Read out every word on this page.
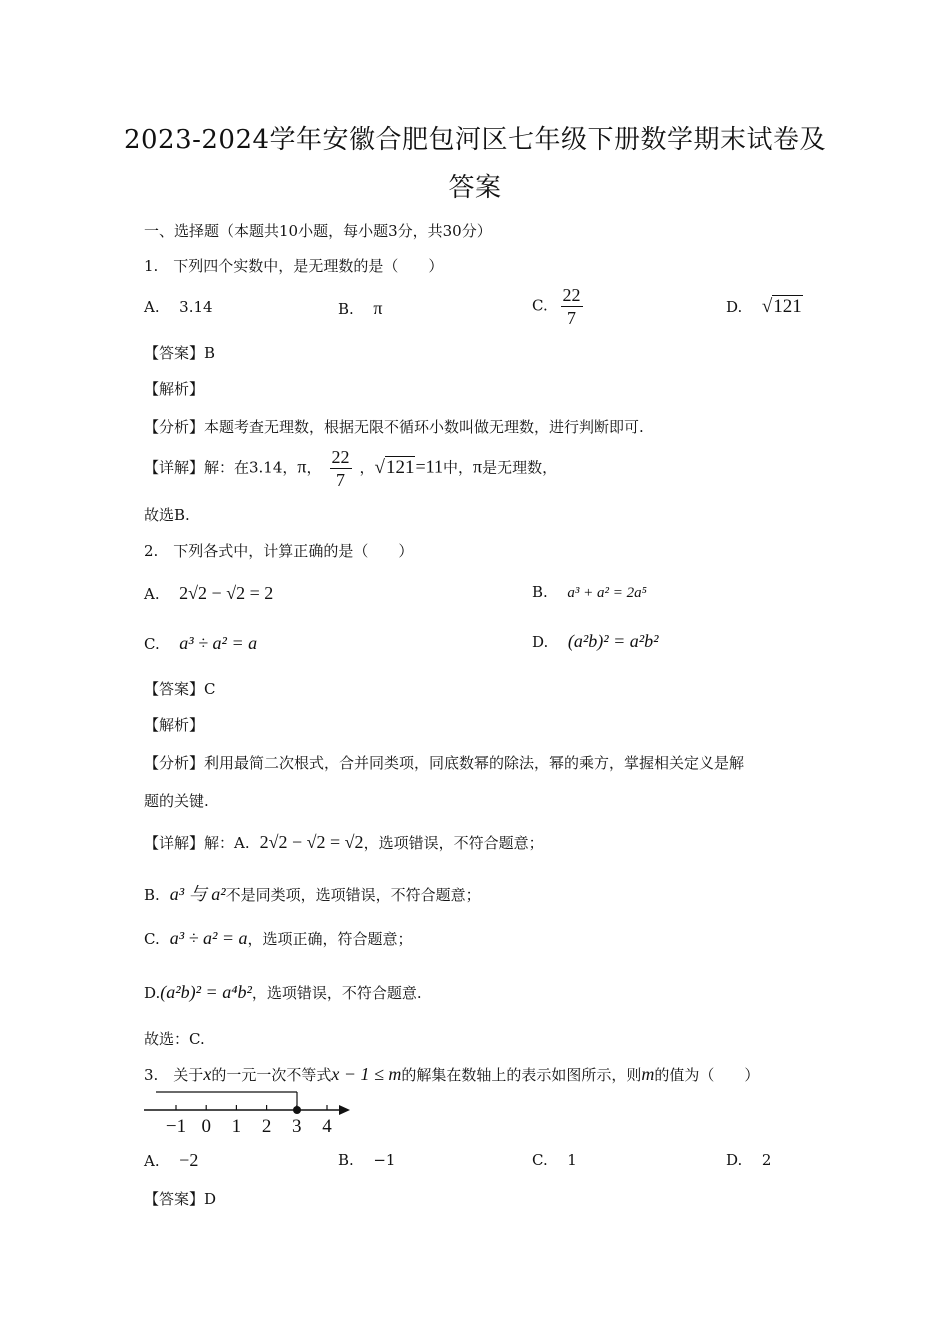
2023-2024学年安徽合肥包河区七年级下册数学期末试卷及
答案
一、选择题（本题共10小题，每小题3分，共30分）
1.　下列四个实数中，是无理数的是（　　）
A. 3.14	B. π	C. $\frac{22}{7}$	D. √121
【答案】B
【解析】
【分析】本题考查无理数，根据无限不循环小数叫做无理数，进行判断即可.
【详解】解：在3.14，π， $\frac{22}{7}$ ，√121=11中，π是无理数，
故选B.
2.　下列各式中，计算正确的是（　　）
A. 2√2 − √2 = 2	B. a³ + a² = 2a⁵
C. a³ ÷ a² = a	D. (a²b)² = a²b²
【答案】C
【解析】
【分析】利用最简二次根式，合并同类项，同底数幂的除法，幂的乘方，掌握相关定义是解
题的关键.
【详解】解：A. 2√2 − √2 = √2，选项错误，不符合题意；
B. a³ 与 a²不是同类项，选项错误，不符合题意；
C. a³ ÷ a² = a，选项正确，符合题意；
D.(a²b)² = a⁴b²，选项错误，不符合题意.
故选：C.
3.　关于x的一元一次不等式x − 1 ≤ m的解集在数轴上的表示如图所示，则m的值为（　　）
−1 0 1 2 3 4
A. −2	B. −1	C. 1	D. 2
【答案】D
